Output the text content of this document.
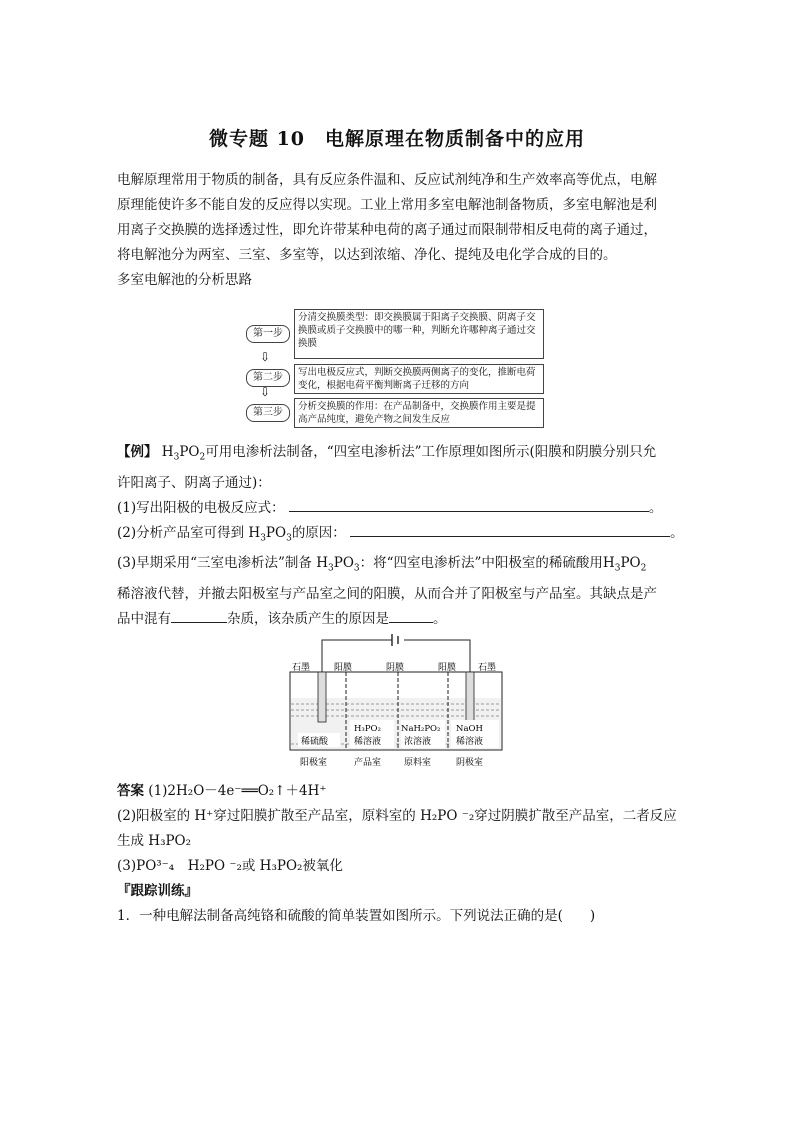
微专题 10　电解原理在物质制备中的应用
电解原理常用于物质的制备，具有反应条件温和、反应试剂纯净和生产效率高等优点，电解
原理能使许多不能自发的反应得以实现。工业上常用多室电解池制备物质，多室电解池是利
用离子交换膜的选择透过性，即允许带某种电荷的离子通过而限制带相反电荷的离子通过，
将电解池分为两室、三室、多室等，以达到浓缩、净化、提纯及电化学合成的目的。
多室电解池的分析思路
第一步
分清交换膜类型：即交换膜属于阳离子交换膜、阴离子交换膜或质子交换膜中的哪一种，判断允许哪种离子通过交换膜
⇩
第二步	写出电极反应式，判断交换膜两侧离子的变化，推断电荷变化，根据电荷平衡判断离子迁移的方向
⇩
第三步
分析交换膜的作用：在产品制备中，交换膜作用主要是提高产品纯度，避免产物之间发生反应
【例】 $H_3PO_2$可用电渗析法制备，“四室电渗析法”工作原理如图所示(阳膜和阴膜分别只允
许阳离子、阴离子通过)：
(1)写出阳极的电极反应式：	。
(2)分析产品室可得到 $H_3PO_3$的原因：	。
(3)早期采用“三室电渗析法”制备 $H_3PO_3$：将“四室电渗析法”中阳极室的稀硫酸用$H_3PO_2$
稀溶液代替，并撤去阳极室与产品室之间的阳膜，从而合并了阳极室与产品室。其缺点是产
品中混有	杂质，该杂质产生的原因是	。
石墨	石墨
阳膜	阴膜	阳膜
稀硫酸
H₃PO₂
稀溶液
NaH₂PO₂
浓溶液
NaOH
稀溶液
阳极室	产品室	原料室	阴极室
答案 (1)2H₂O－4e⁻══O₂↑＋4H⁺
(2)阳极室的 H⁺穿过阳膜扩散至产品室，原料室的 H₂PO ⁻₂穿过阴膜扩散至产品室，二者反应
生成 H₃PO₂
(3)PO³⁻₄　H₂PO ⁻₂或 H₃PO₂被氧化
『跟踪训练』
1．一种电解法制备高纯铬和硫酸的简单装置如图所示。下列说法正确的是(　　)
